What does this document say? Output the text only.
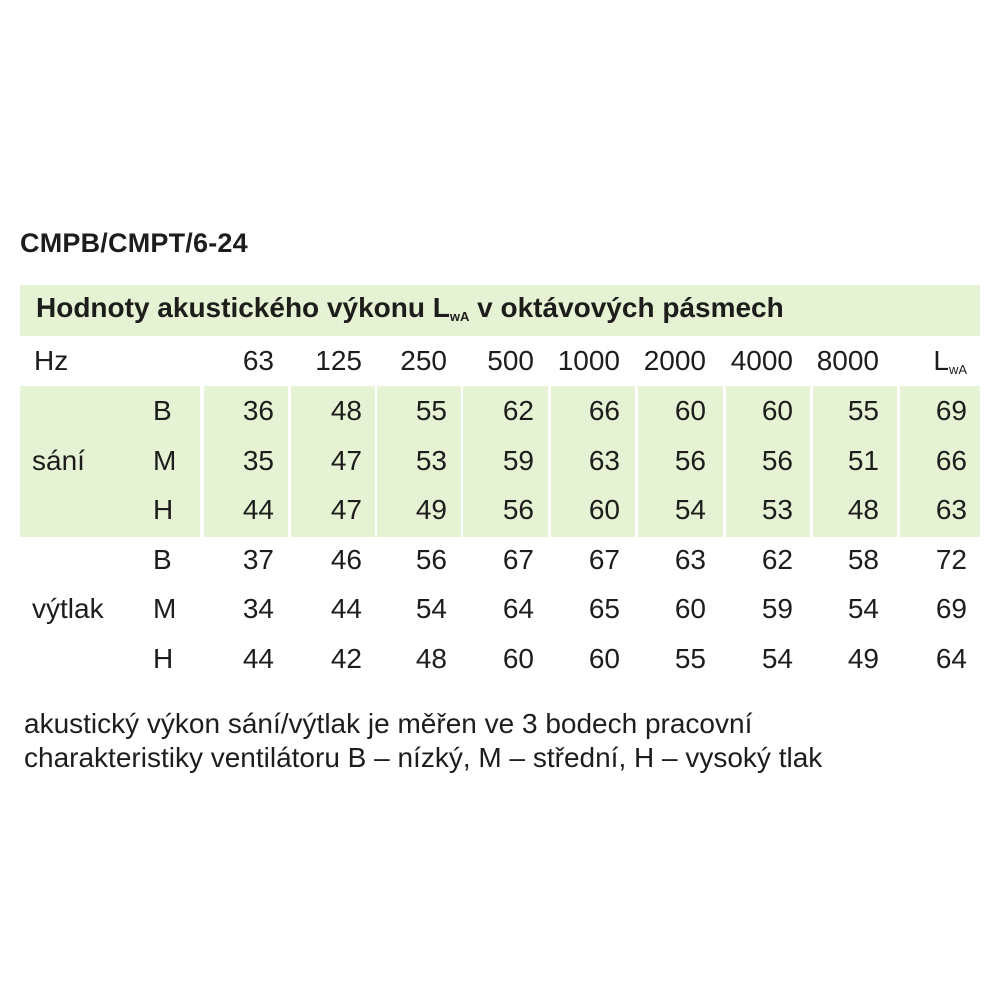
CMPB/CMPT/6-24
Hodnoty akustického výkonu $L_{wA}$ v oktávových pásmech
Hz	63	125	250	500 1000 2000 4000 8000	$L_{wA}$
sání
B	36	48	55	62	66	60	60	55	69
M	35	47	53	59	63	56	56	51	66
H	44	47	49	56	60	54	53	48	63
výtlak
B	37	46	56	67	67	63	62	58	72
M	34	44	54	64	65	60	59	54	69
H	44	42	48	60	60	55	54	49	64
akustický výkon sání/výtlak je měřen ve 3 bodech pracovní
charakteristiky ventilátoru B – nízký, M – střední, H – vysoký tlak
